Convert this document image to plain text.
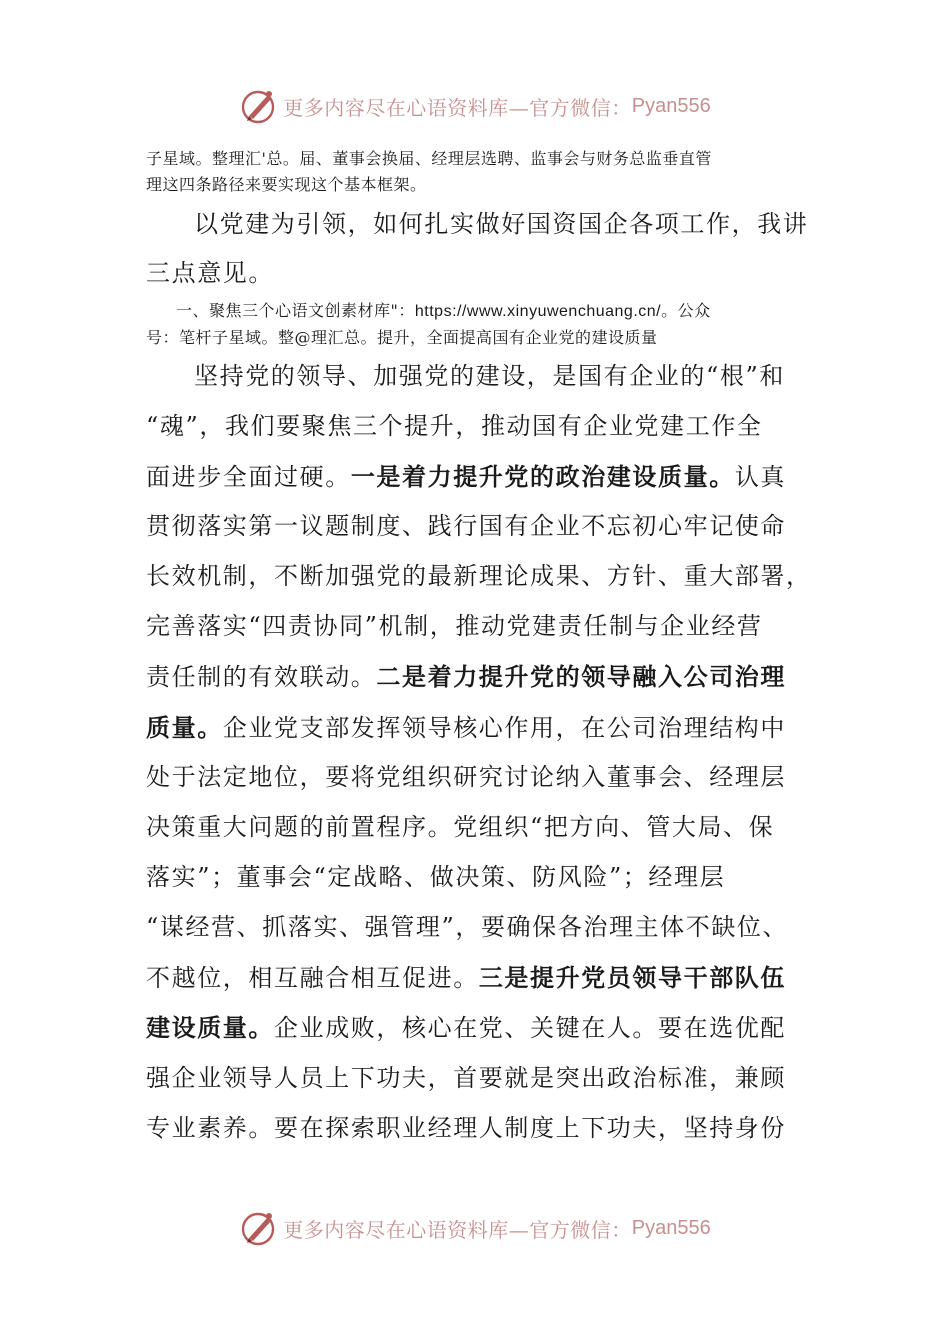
更多内容尽在心语资料库—官方微信： Pyan556
子星域。整理汇'总。届、董事会换届、经理层选聘、监事会与财务总监垂直管
理这四条路径来要实现这个基本框架。
以党建为引领，如何扎实做好国资国企各项工作，我讲
三点意见。
一、聚焦三个心语文创素材库"：https://www.xinyuwenchuang.cn/。公众
号：笔杆子星域。整@理汇总。提升，全面提高国有企业党的建设质量
坚持党的领导、加强党的建设，是国有企业的“根”和
“魂”，我们要聚焦三个提升，推动国有企业党建工作全
面进步全面过硬。一是着力提升党的政治建设质量。认真
贯彻落实第一议题制度、践行国有企业不忘初心牢记使命
长效机制，不断加强党的最新理论成果、方针、重大部署，
完善落实“四责协同”机制，推动党建责任制与企业经营
责任制的有效联动。二是着力提升党的领导融入公司治理
质量。企业党支部发挥领导核心作用，在公司治理结构中
处于法定地位，要将党组织研究讨论纳入董事会、经理层
决策重大问题的前置程序。党组织“把方向、管大局、保
落实”；董事会“定战略、做决策、防风险”；经理层
“谋经营、抓落实、强管理”，要确保各治理主体不缺位、
不越位，相互融合相互促进。三是提升党员领导干部队伍
建设质量。企业成败，核心在党、关键在人。要在选优配
强企业领导人员上下功夫，首要就是突出政治标准，兼顾
专业素养。要在探索职业经理人制度上下功夫，坚持身份
更多内容尽在心语资料库—官方微信： Pyan556
